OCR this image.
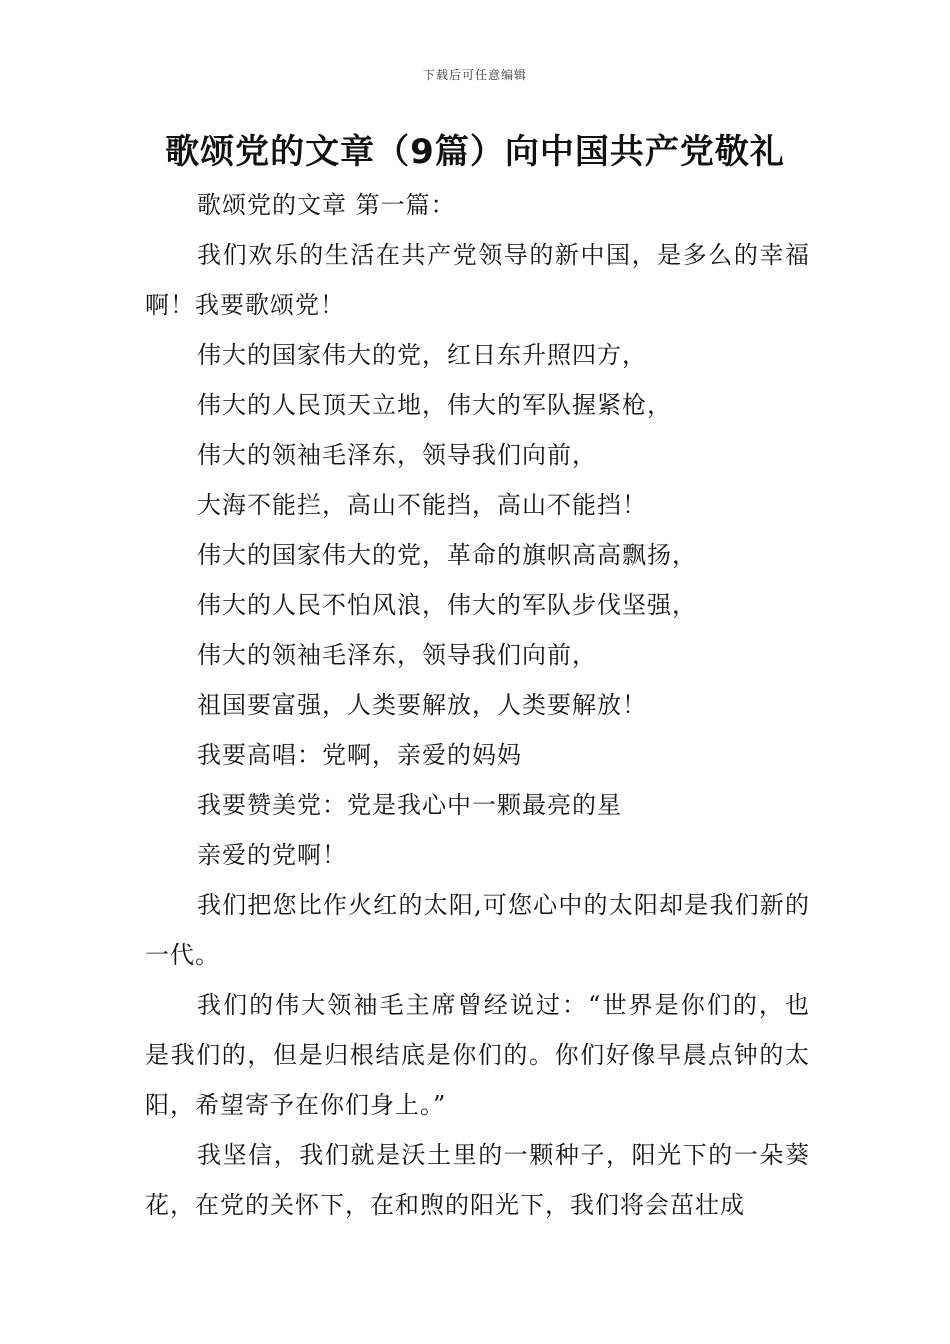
下载后可任意编辑
歌颂党的文章（9篇）向中国共产党敬礼

歌颂党的文章 第一篇：

我们欢乐的生活在共产党领导的新中国，是多么的幸福啊！我要歌颂党！

伟大的国家伟大的党，红日东升照四方，

伟大的人民顶天立地，伟大的军队握紧枪，

伟大的领袖毛泽东，领导我们向前，

大海不能拦，高山不能挡，高山不能挡！

伟大的国家伟大的党，革命的旗帜高高飘扬，

伟大的人民不怕风浪，伟大的军队步伐坚强，

伟大的领袖毛泽东，领导我们向前，

祖国要富强，人类要解放，人类要解放！

我要高唱：党啊，亲爱的妈妈

我要赞美党：党是我心中一颗最亮的星

亲爱的党啊！

我们把您比作火红的太阳,可您心中的太阳却是我们新的一代。

我们的伟大领袖毛主席曾经说过：“世界是你们的，也是我们的，但是归根结底是你们的。你们好像早晨点钟的太阳，希望寄予在你们身上。”

我坚信，我们就是沃土里的一颗种子，阳光下的一朵葵花，在党的关怀下，在和煦的阳光下，我们将会茁壮成
